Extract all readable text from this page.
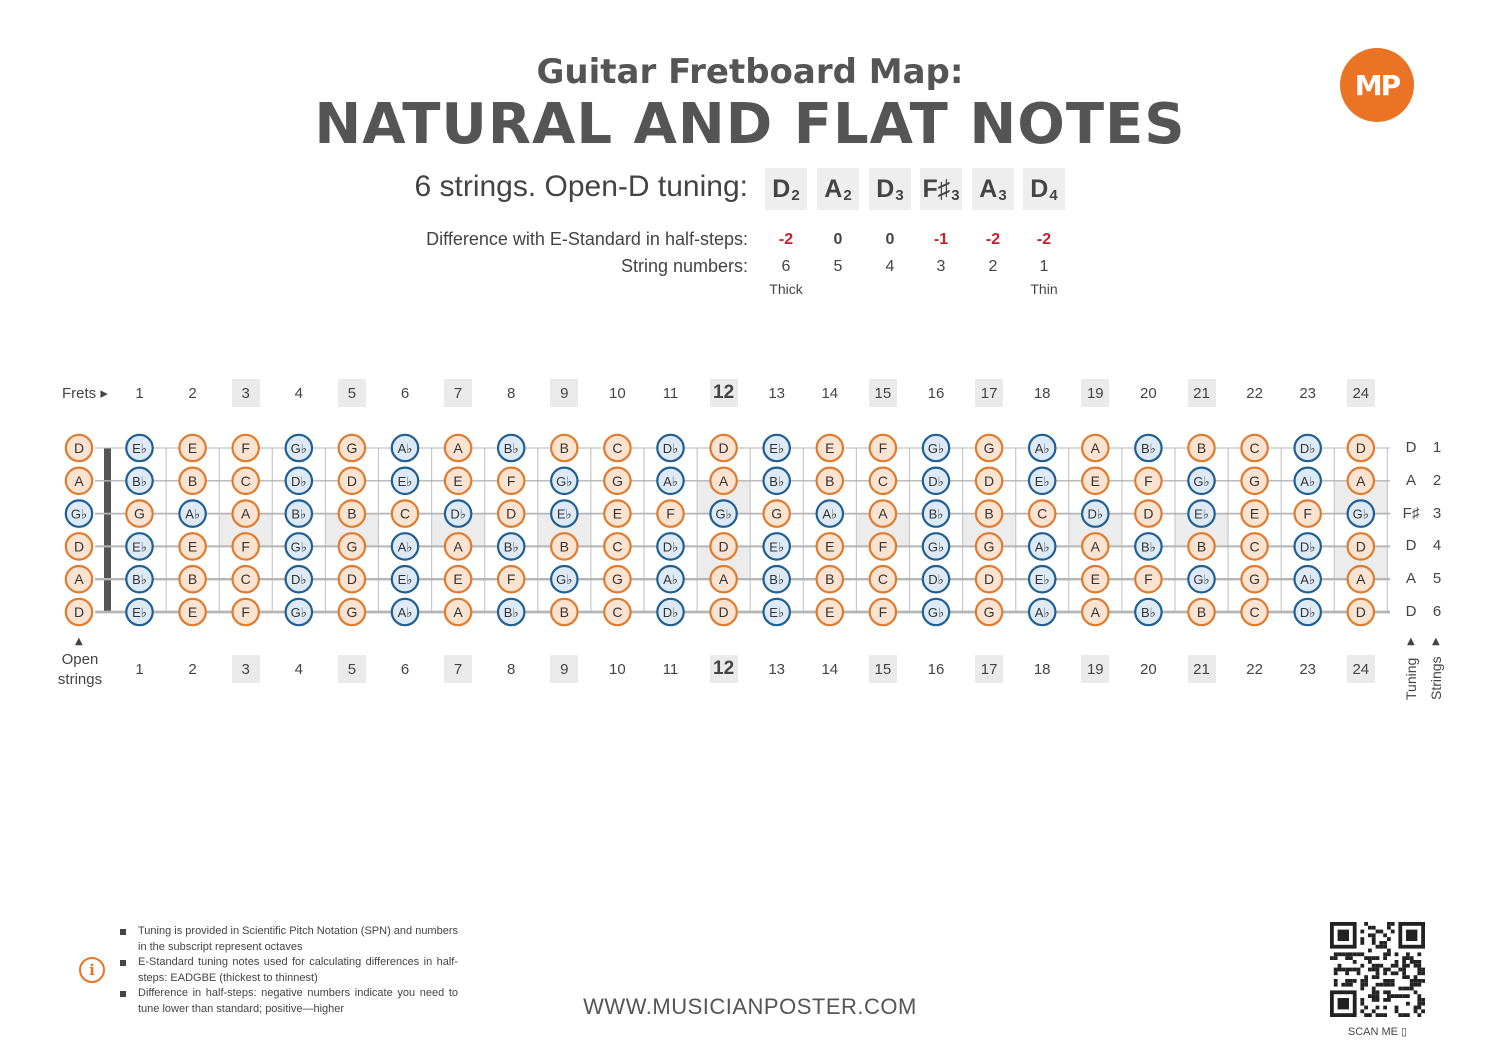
Guitar Fretboard Map:
NATURAL AND FLAT NOTES
MP
6 strings. Open-D tuning: $D_2$ $A_2$ $D_3$ $F♯_3$ $A_3$ $D_4$
Difference with E-Standard in half-steps:
String numbers:
-2	0	0	-1	-2	-2
6	5	4	3	2	1
Thick	Thin
Frets ▸	1	2	3	4	5	6	7	8	9	10	11	12	13	14	15	16	17	18	19	20	21	22	23	24
1	2	3	4	5	6	7	8	9	10	11	12	13	14	15	16	17	18	19	20	21	22	23	24
D	E♭	E	F	G♭	G	A♭	A	B♭	B	C	D♭	D	E♭	E	F	G♭	G	A♭	A	B♭	B	C	D♭	D
A	B♭	B	C	D♭	D	E♭	E	F	G♭	G	A♭	A	B♭	B	C	D♭	D	E♭	E	F	G♭	G	A♭	A
G♭	G	A♭	A	B♭	B	C	D♭	D	E♭	E	F	G♭	G	A♭	A	B♭	B	C	D♭	D	E♭	E	F	G♭
D	E♭	E	F	G♭	G	A♭	A	B♭	B	C	D♭	D	E♭	E	F	G♭	G	A♭	A	B♭	B	C	D♭	D
A	B♭	B	C	D♭	D	E♭	E	F	G♭	G	A♭	A	B♭	B	C	D♭	D	E♭	E	F	G♭	G	A♭	A
D	E♭	E	F	G♭	G	A♭	A	B♭	B	C	D♭	D	E♭	E	F	G♭	G	A♭	A	B♭	B	C	D♭	D
▲
Open strings
▲ ▲
Tuning Strings
D	1
A	2
F♯ 3
D	4
A	5
D	6
i
Tuning is provided in Scientific Pitch Notation (SPN) and numbers in the subscript represent octaves
E-Standard tuning notes used for calculating differences in half-steps: EADGBE (thickest to thinnest)
Difference in half-steps: negative numbers indicate you need to tune lower than standard; positive—higher	WWW.MUSICIANPOSTER.COM
SCAN ME ▯
